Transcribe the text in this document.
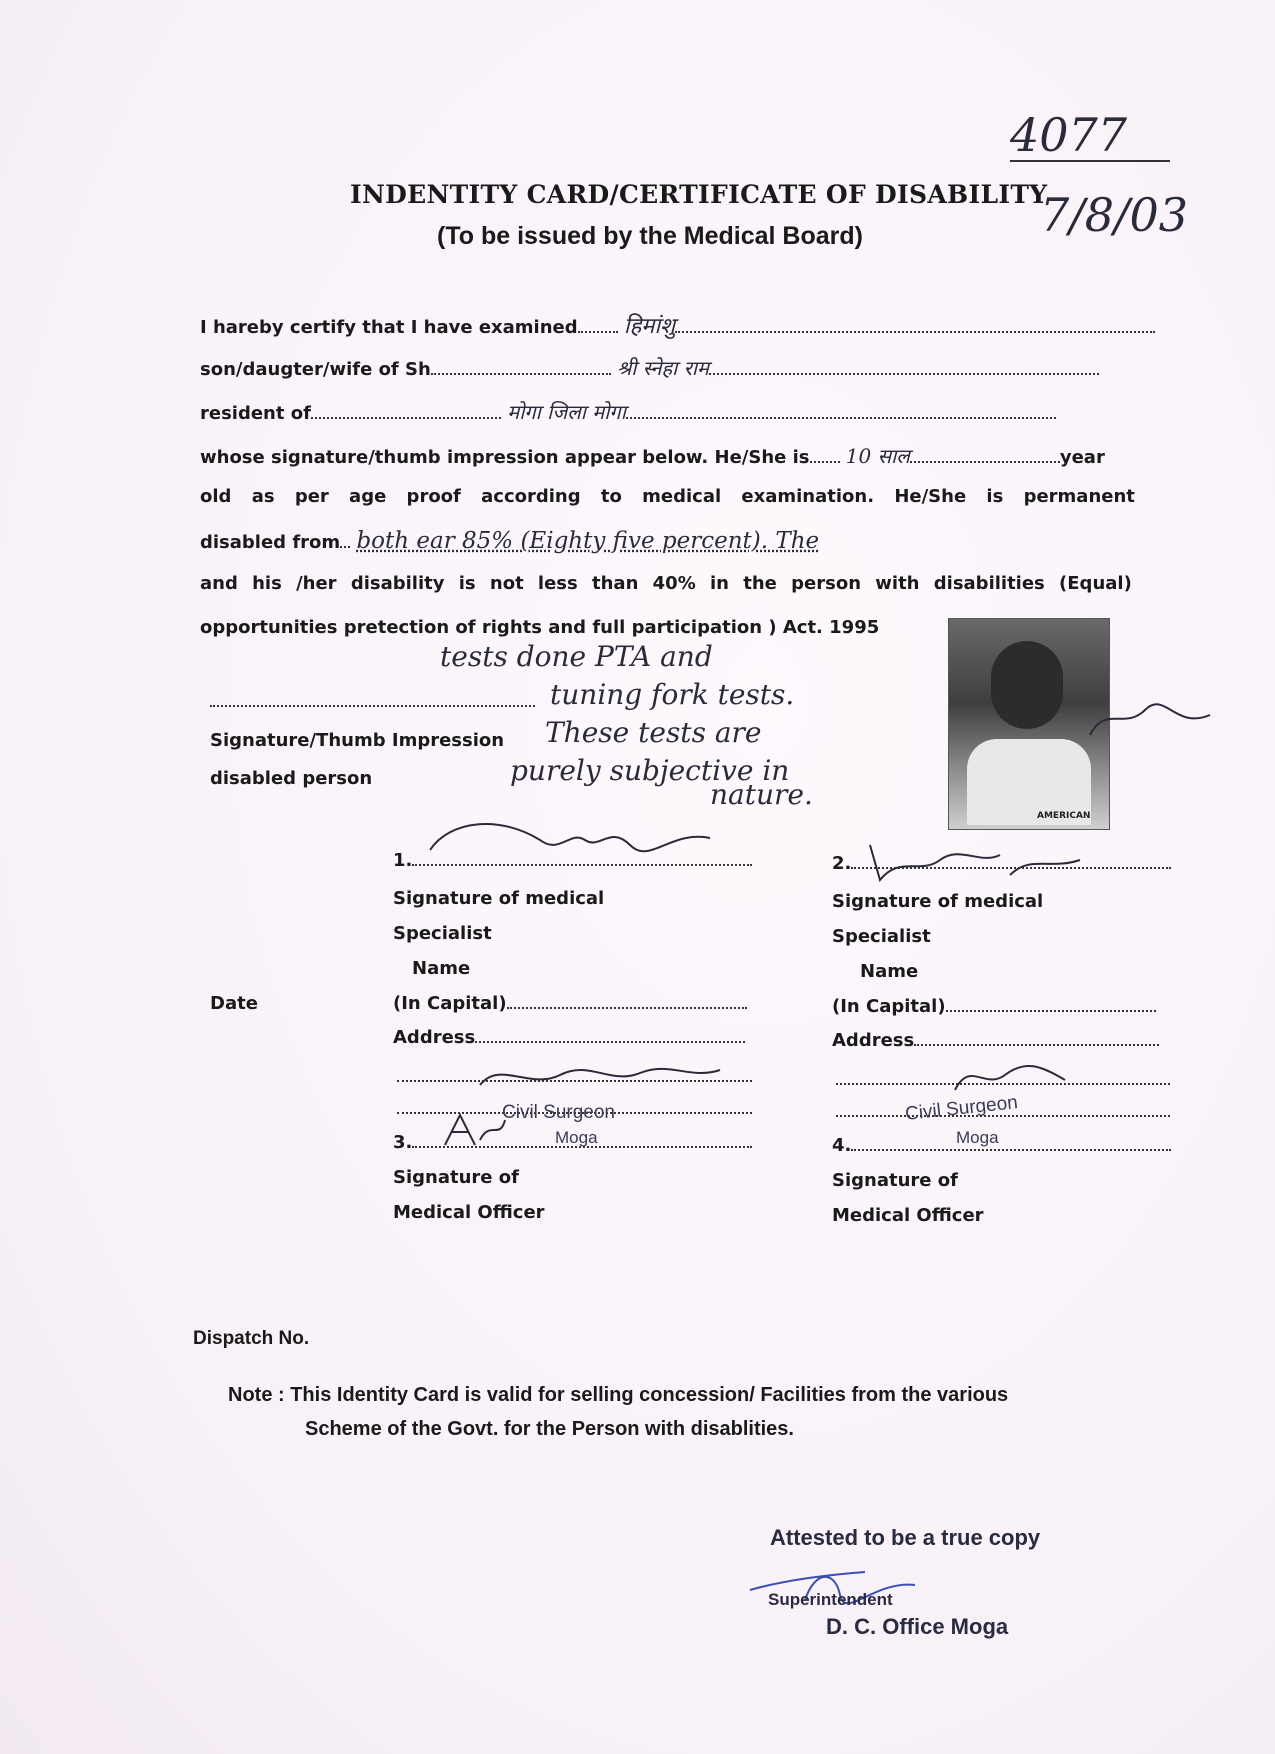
4077
7/8/03
INDENTITY CARD/CERTIFICATE OF DISABILITY
(To be issued by the Medical Board)
I hareby certify that I have examined हिमांशु
son/daugter/wife of Sh	श्री स्नेहा राम
resident of	मोगा जिला मोगा
whose signature/thumb impression appear below. He/She is 10 साल	year
old as per age proof according to medical examination. He/She is permanent
disabled from both ear 85% (Eighty five percent). The
and his /her disability is not less than 40% in the person with disabilities (Equal)
opportunities pretection of rights and full participation ) Act. 1995
tests done PTA and
tuning fork tests.
These tests are
purely subjective in
nature.
AMERICAN
Signature/Thumb Impression
disabled person
1.
Signature of medical
Specialist
Name
(In Capital)
Address
Civil Surgeon
Moga
3.
Signature of
Medical Officer
2.
Signature of medical
Specialist
Name
(In Capital)
Address
Civil Surgeon
Moga
4.
Signature of
Medical Officer
Date
Dispatch No.
Note : This Identity Card is valid for selling concession/ Facilities from the various
Scheme of the Govt. for the Person with disablities.
Attested to be a true copy
Superintendent
D. C. Office Moga
